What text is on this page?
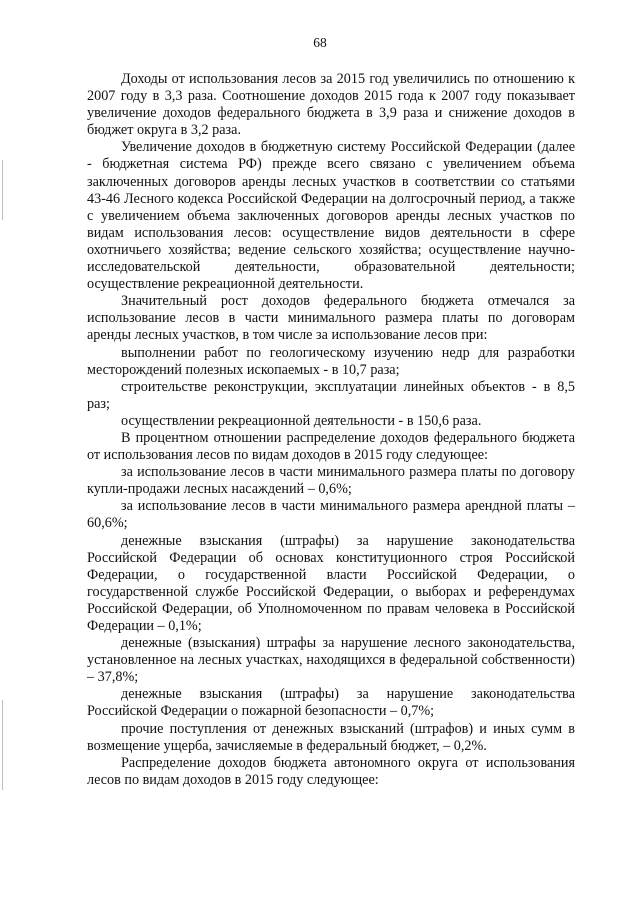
68

Доходы от использования лесов за 2015 год увеличились по отношению к 2007 году в 3,3 раза. Соотношение доходов 2015 года к 2007 году показывает увеличение доходов федерального бюджета в 3,9 раза и снижение доходов в бюджет округа в 3,2 раза.

Увеличение доходов в бюджетную систему Российской Федерации (далее - бюджетная система РФ) прежде всего связано с увеличением объема заключенных договоров аренды лесных участков в соответствии со статьями 43-46 Лесного кодекса Российской Федерации на долгосрочный период, а также с увеличением объема заключенных договоров аренды лесных участков по видам использования лесов: осуществление видов деятельности в сфере охотничьего хозяйства; ведение сельского хозяйства; осуществление научно-исследовательской деятельности, образовательной деятельности; осуществление рекреационной деятельности.

Значительный рост доходов федерального бюджета отмечался за использование лесов в части минимального размера платы по договорам аренды лесных участков, в том числе за использование лесов при:

выполнении работ по геологическому изучению недр для разработки месторождений полезных ископаемых - в 10,7 раза;

строительстве реконструкции, эксплуатации линейных объектов - в 8,5 раз;

осуществлении рекреационной деятельности - в 150,6 раза.

В процентном отношении распределение доходов федерального бюджета от использования лесов по видам доходов в 2015 году следующее:

за использование лесов в части минимального размера платы по договору купли-продажи лесных насаждений – 0,6%;

за использование лесов в части минимального размера арендной платы – 60,6%;

денежные взыскания (штрафы) за нарушение законодательства Российской Федерации об основах конституционного строя Российской Федерации, о государственной власти Российской Федерации, о государственной службе Российской Федерации, о выборах и референдумах Российской Федерации, об Уполномоченном по правам человека в Российской Федерации – 0,1%;

денежные (взыскания) штрафы за нарушение лесного законодательства, установленное на лесных участках, находящихся в федеральной собственности) – 37,8%;

денежные взыскания (штрафы) за нарушение законодательства Российской Федерации о пожарной безопасности – 0,7%;

прочие поступления от денежных взысканий (штрафов) и иных сумм в возмещение ущерба, зачисляемые в федеральный бюджет, – 0,2%.

Распределение доходов бюджета автономного округа от использования лесов по видам доходов в 2015 году следующее:
